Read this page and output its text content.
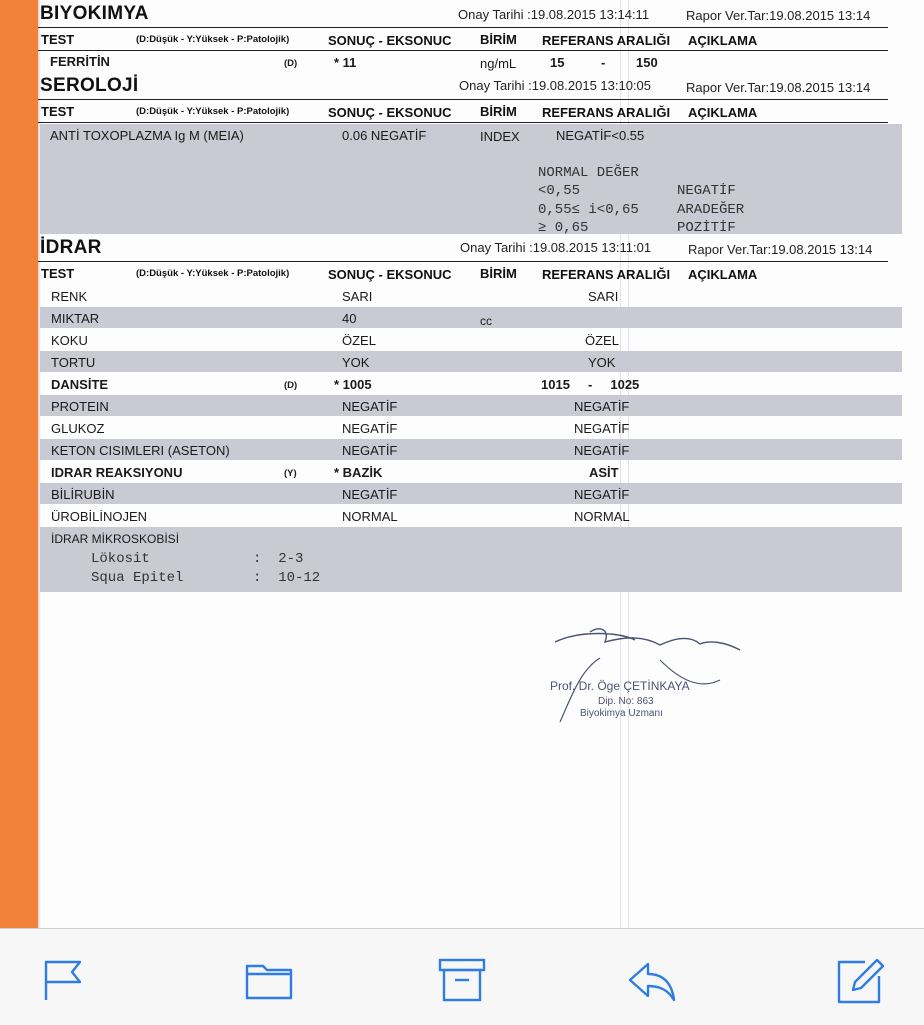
BIYOKIMYA	Onay Tarihi :19.08.2015 13:14:11	Rapor Ver.Tar:19.08.2015 13:14
TEST	(D:Düşük - Y:Yüksek - P:Patolojik)	SONUÇ - EKSONUC BİRİM REFERANS ARALIĞI AÇIKLAMA
FERRİTİN	(D)	* 11	ng/mL	15	- 150
SEROLOJİ	Onay Tarihi :19.08.2015 13:10:05	Rapor Ver.Tar:19.08.2015 13:14
TEST	(D:Düşük - Y:Yüksek - P:Patolojik)	SONUÇ - EKSONUC BİRİM REFERANS ARALIĞI AÇIKLAMA
ANTİ TOXOPLAZMA Ig M (MEIA)	0.06 NEGATİF	INDEX	NEGATİF<0.55
NORMAL DEĞER
<0,55	NEGATİF
0,55≤ i<0,65	ARADEĞER
≥ 0,65	POZİTİF
İDRAR	Onay Tarihi :19.08.2015 13:11:01	Rapor Ver.Tar:19.08.2015 13:14
TEST	(D:Düşük - Y:Yüksek - P:Patolojik)	SONUÇ - EKSONUC BİRİM REFERANS ARALIĞI AÇIKLAMA
RENK	SARI	SARI
MIKTAR	40	cc
KOKU	ÖZEL	ÖZEL
TORTU	YOK	YOK
DANSİTE	(D)	* 1005	1015     -     1025
PROTEIN	NEGATİF	NEGATİF
GLUKOZ	NEGATİF	NEGATİF
KETON CISIMLERI (ASETON)	NEGATİF	NEGATİF
IDRAR REAKSIYONU	(Y)	* BAZİK	ASİT
BİLİRUBİN	NEGATİF	NEGATİF
ÜROBİLİNOJEN	NORMAL	NORMAL
İDRAR MİKROSKOBİSİ
Lökosit	:  2-3
Squa Epitel	:  10-12
Prof. Dr. Öge ÇETİNKAYA
Dip. No: 863
Biyokimya Uzmanı
